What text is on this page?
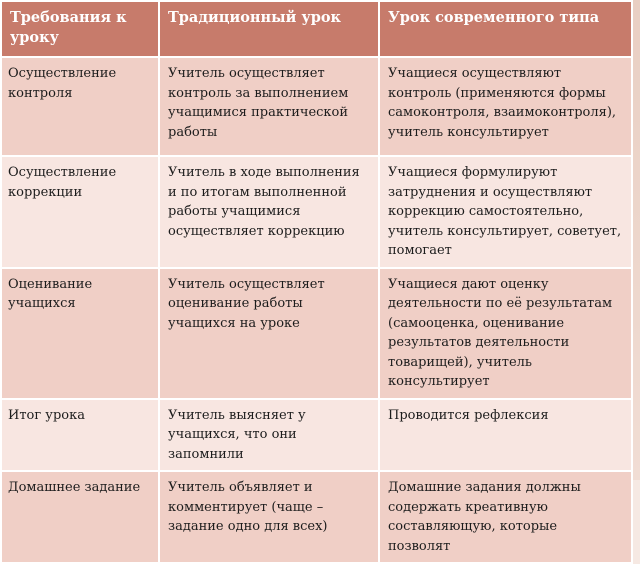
Требования к уроку	Традиционный урок	Урок современного типа

Осуществление контроля	Учитель осуществляет контроль за выполнением учащимися практической работы	Учащиеся осуществляют контроль (применяются формы самоконтроля, взаимоконтроля), учитель консультирует

Осуществление коррекции	Учитель в ходе выполнения и по итогам выполненной работы учащимися осуществляет коррекцию	Учащиеся формулируют затруднения и осуществляют коррекцию самостоятельно, учитель консультирует, советует, помогает

Оценивание учащихся	Учитель осуществляет оценивание работы учащихся на уроке	Учащиеся дают оценку деятельности по её результатам (самооценка, оценивание результатов деятельности товарищей), учитель консультирует

Итог урока	Учитель выясняет у учащихся, что они запомнили	Проводится рефлексия

Домашнее задание	Учитель объявляет и комментирует (чаще – задание одно для всех)	Домашние задания должны содержать креативную составляющую, которые позволят
